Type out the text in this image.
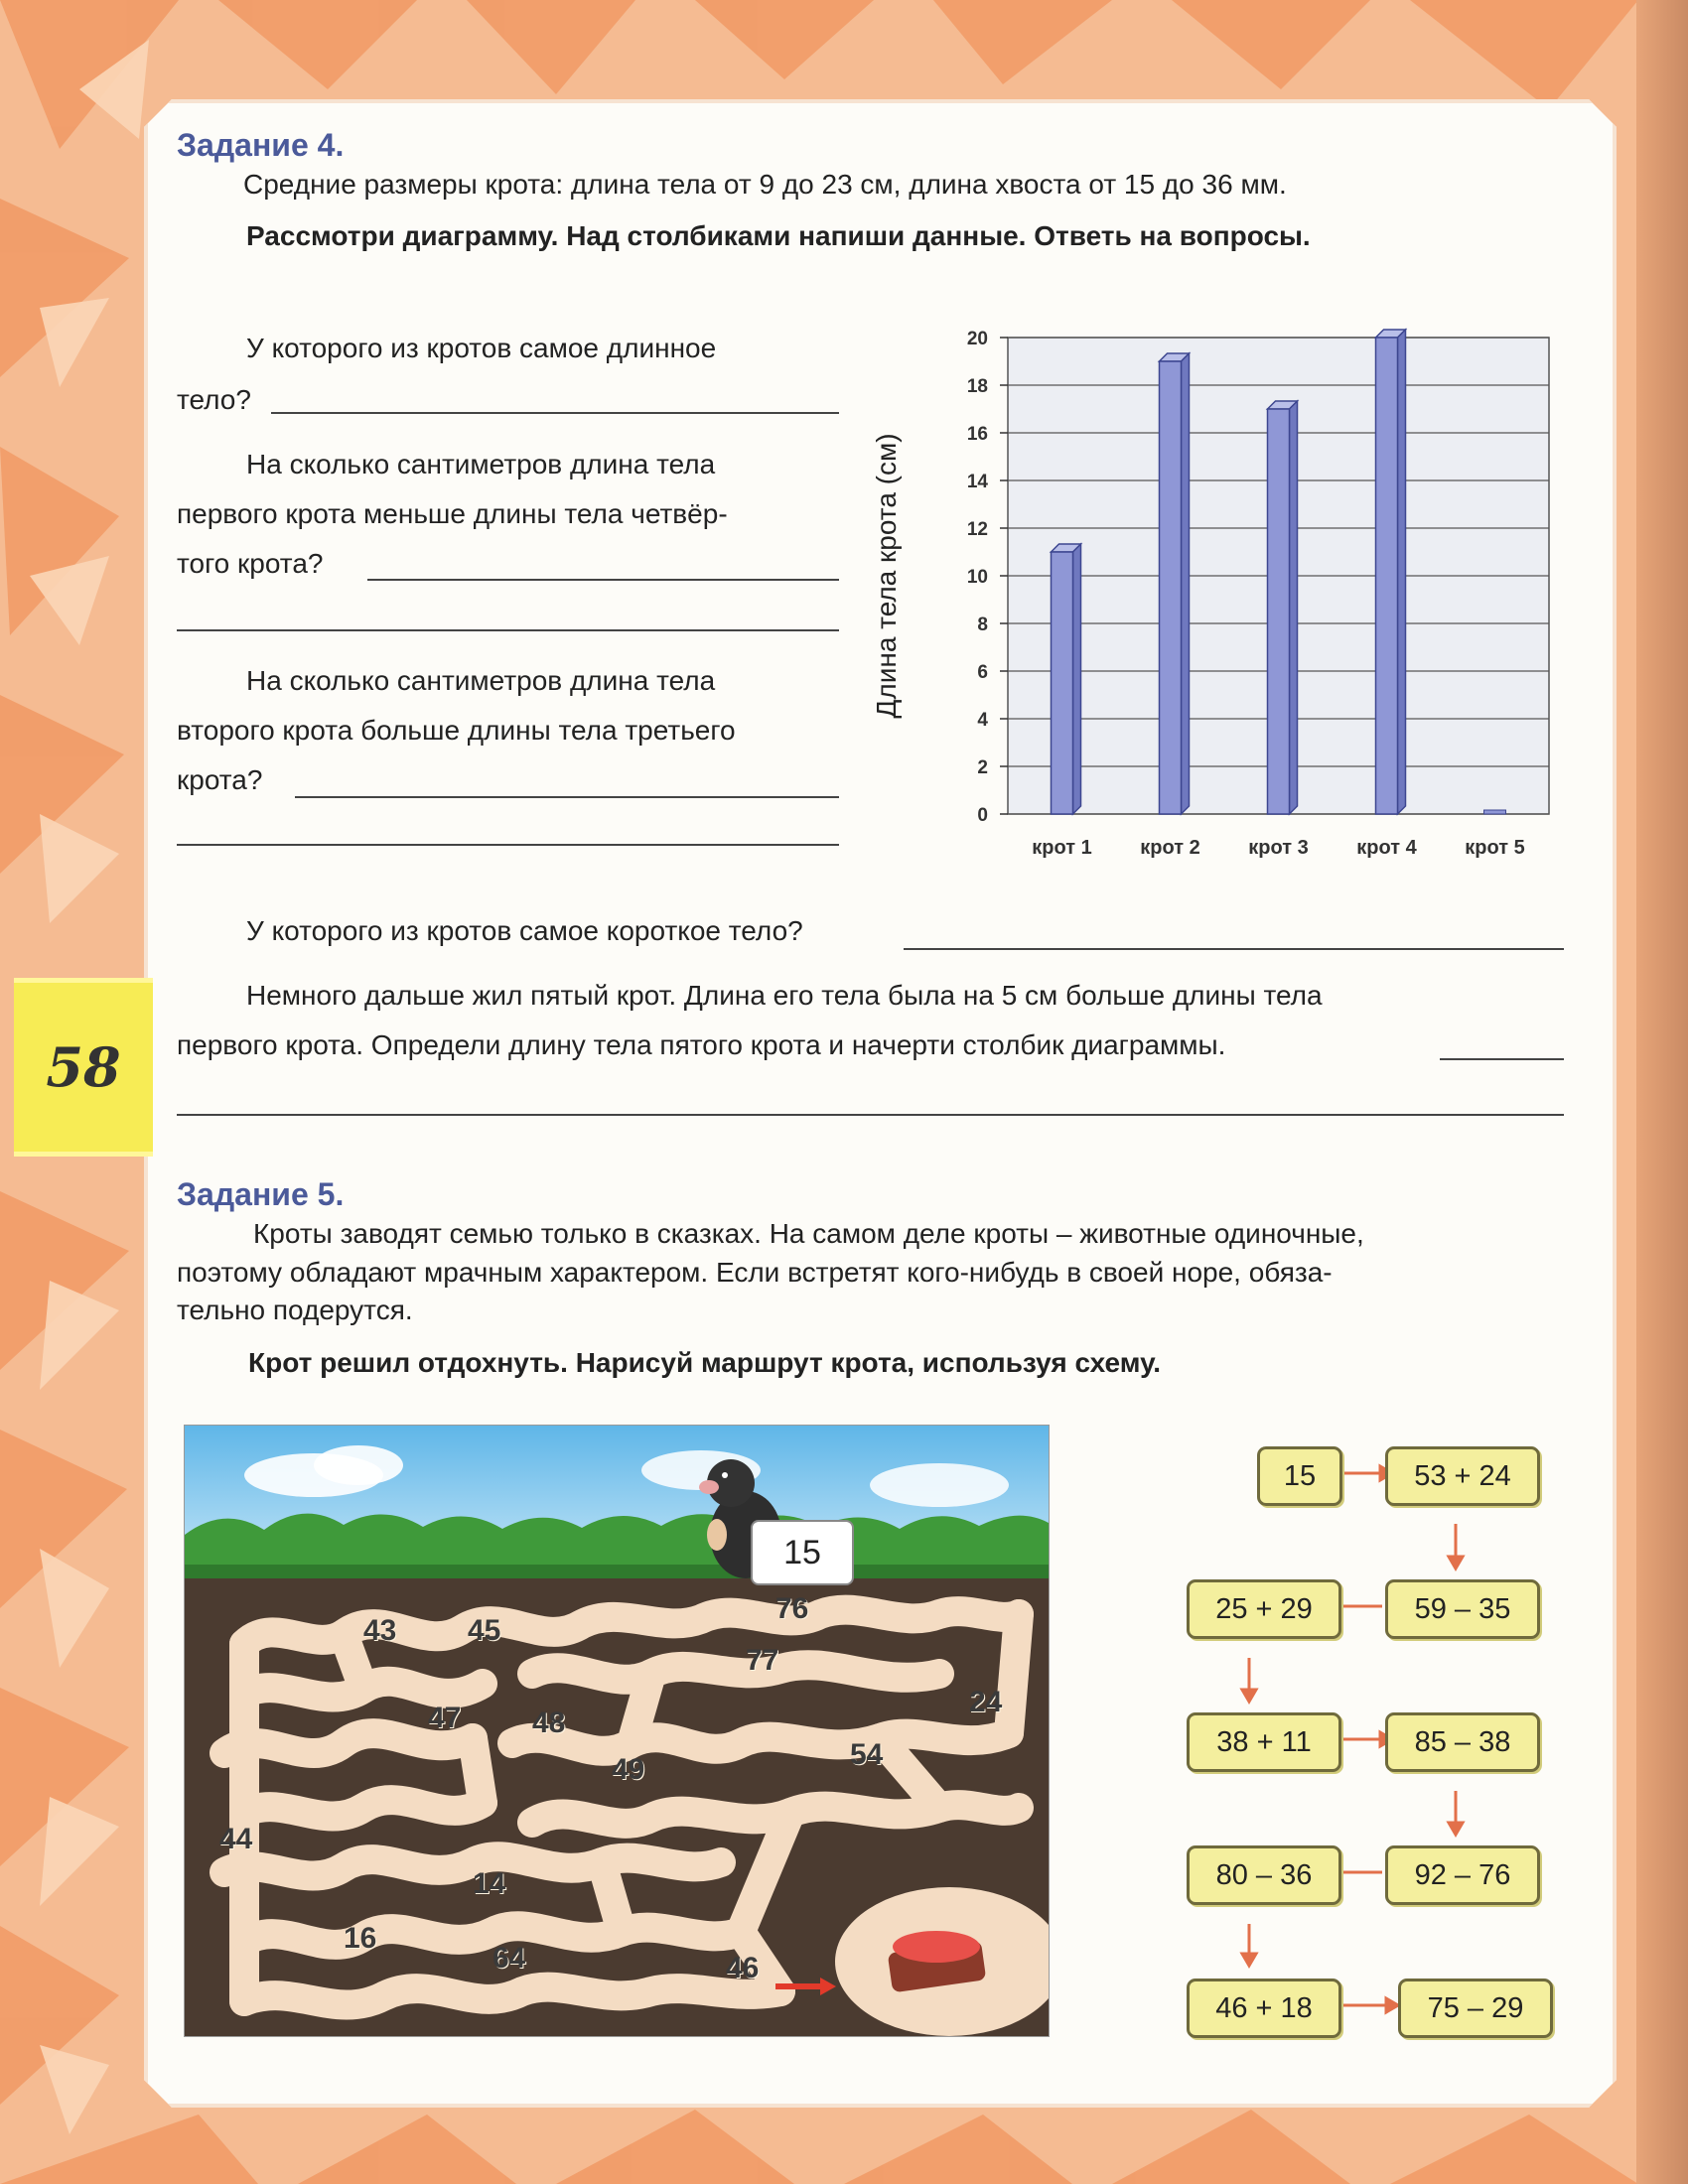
58
Задание 4.
Средние размеры крота: длина тела от 9 до 23 см, длина хвоста от 15 до 36 мм.
Рассмотри диаграмму. Над столбиками напиши данные. Ответь на вопросы.
У которого из кротов самое длинное
тело?
На сколько сантиметров длина тела
первого крота меньше длины тела четвёр-
того крота?
На сколько сантиметров длина тела
второго крота больше длины тела третьего
крота?
Длина тела крота (см)
0
2
4
6
8
10
12
14
16
18
20
крот 1 крот 2 крот 3 крот 4 крот 5
У которого из кротов самое короткое тело?
Немного дальше жил пятый крот. Длина его тела была на 5 см больше длины тела
первого крота. Определи длину тела пятого крота и начерти столбик диаграммы.
Задание 5.
Кроты заводят семью только в сказках. На самом деле кроты – животные одиночные,
поэтому обладают мрачным характером. Если встретят кого-нибудь в своей норе, обяза-
тельно подерутся.
Крот решил отдохнуть. Нарисуй маршрут крота, используя схему.
15
43 45
76
77
24
47 48
49	54
44
14
16
64	46
15	53 + 24
59 – 35
25 + 29
38 + 11	85 – 38
92 – 76
80 – 36
46 + 18	75 – 29
